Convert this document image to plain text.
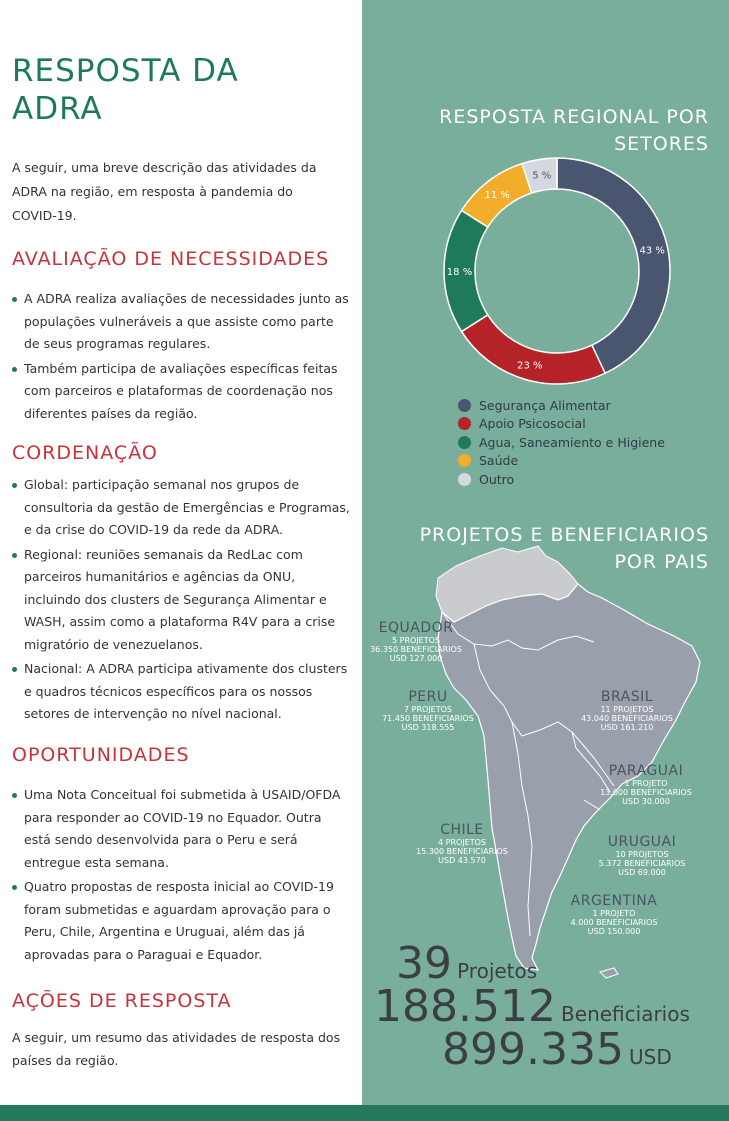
RESPOSTA DA ADRA

A seguir, uma breve descrição das atividades da ADRA na região, em resposta à pandemia do COVID-19.

AVALIAÇÃO DE NECESSIDADES
A ADRA realiza avaliações de necessidades junto as populações vulneráveis a que assiste como parte de seus programas regulares.
Também participa de avaliações específicas feitas com parceiros e plataformas de coordenação nos diferentes países da região.
CORDENAÇÃO
Global: participação semanal nos grupos de consultoria da gestão de Emergências e Programas, e da crise do COVID-19 da rede da ADRA.
Regional: reuniões semanais da RedLac com parceiros humanitários e agências da ONU, incluindo dos clusters de Segurança Alimentar e WASH, assim como a plataforma R4V para a crise migratório de venezuelanos.
Nacional: A ADRA participa ativamente dos clusters e quadros técnicos específicos para os nossos setores de intervenção no nível nacional.
OPORTUNIDADES
Uma Nota Conceitual foi submetida à USAID/OFDA para responder ao COVID-19 no Equador. Outra está sendo desenvolvida para o Peru e será entregue esta semana.
Quatro propostas de resposta inicial ao COVID-19 foram submetidas e aguardam aprovação para o Peru, Chile, Argentina e Uruguai, além das já aprovadas para o Paraguai e Equador.
AÇÕES DE RESPOSTA

A seguir, um resumo das atividades de resposta dos países da região.

RESPOSTA REGIONAL POR SETORES
43 %
23 %
18 %
11 %
5 %
Segurança Alimentar
Apoio Psicosocial
Agua, Saneamiento e Higiene
Saúde
Outro
PROJETOS E BENEFICIARIOS POR PAIS
EQUADOR
5 PROJETOS
36.350 BENEFICIARIOS
USD 127.000
PERU
7 PROJETOS
71.450 BENEFICIARIOS
USD 318.555
BRASIL
11 PROJETOS
43.040 BENEFICIARIOS
USD 161.210
PARAGUAI
1 PROJETO
13.000 BENEFICIARIOS
USD 30.000
CHILE
4 PROJETOS
15.300 BENEFICIARIOS
USD 43.570
URUGUAI
10 PROJETOS
5.372 BENEFICIARIOS
USD 69.000
ARGENTINA
1 PROJETO
4.000 BENEFICIARIOS
USD 150.000
39 Projetos
188.512 Beneficiarios
899.335 USD
